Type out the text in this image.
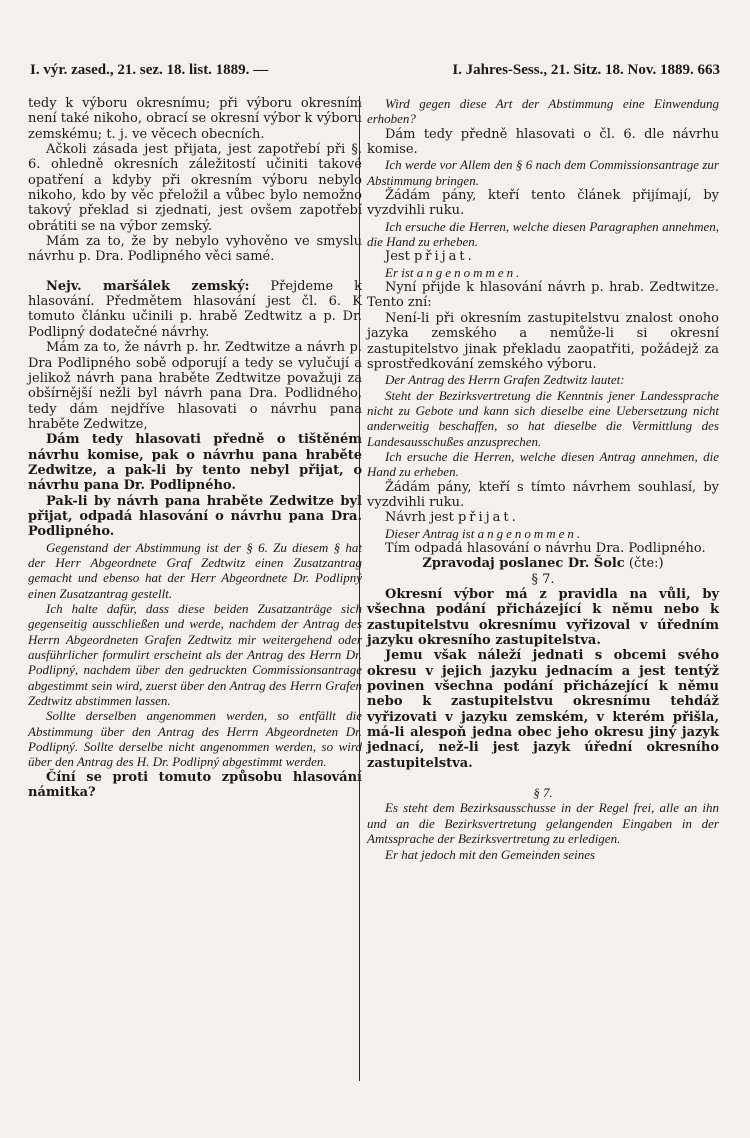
I. výr. zased., 21. sez. 18. list. 1889. —	I. Jahres-Sess., 21. Sitz. 18. Nov. 1889. 663

tedy k výboru okresnímu; při výboru okresním není také nikoho, obrací se okresní výbor k výboru zemskému; t. j. ve věcech obecních.

Ačkoli zásada jest přijata, jest zapotřebí při §. 6. ohledně okresních záležitostí učiniti takové opatření a kdyby při okresním výboru nebylo nikoho, kdo by věc přeložil a vůbec bylo nemožno takový překlad si zjednati, jest ovšem zapotřebí obrátiti se na výbor zemský.

Mám za to, že by nebylo vyhověno ve smyslu návrhu p. Dra. Podlipného věci samé.

Nejv. maršálek zemský: Přejdeme k hlasování. Předmětem hlasování jest čl. 6. K tomuto článku učinili p. hrabě Zedtwitz a p. Dr. Podlipný dodatečné návrhy.

Mám za to, že návrh p. hr. Zedtwitze a návrh p. Dra Podlipného sobě odporují a tedy se vylučují a jelikož návrh pana hraběte Zedtwitze považuji za obšírnější nežli byl návrh pana Dra. Podlidného, tedy dám nejdříve hlasovati o návrhu pana hraběte Zedwitze,

Dám tedy hlasovati předně o tištěném návrhu komise, pak o návrhu pana hraběte Zedwitze, a pak-li by tento nebyl přijat, o návrhu pana Dr. Podlipného.

Pak-li by návrh pana hraběte Zedwitze byl přijat, odpadá hlasování o návrhu pana Dra. Podlipného.

Gegenstand der Abstimmung ist der § 6. Zu diesem § hat der Herr Abgeordnete Graf Zedtwitz einen Zusatzantrag gemacht und ebenso hat der Herr Abgeordnete Dr. Podlipný einen Zusatzantrag gestellt.

Ich halte dafür, dass diese beiden Zusatzanträge sich gegenseitig ausschließen und werde, nachdem der Antrag des Herrn Abgeordneten Grafen Zedtwitz mir weitergehend oder ausführlicher formulirt erscheint als der Antrag des Herrn Dr. Podlipný, nachdem über den gedruckten Commissionsantrage abgestimmt sein wird, zuerst über den Antrag des Herrn Grafen Zedtwitz abstimmen lassen.

Sollte derselben angenommen werden, so entfällt die Abstimmung über den Antrag des Herrn Abgeordneten Dr. Podlipný. Sollte derselbe nicht angenommen werden, so wird über den Antrag des H. Dr. Podlipný abgestimmt werden.

Číní se proti tomuto způsobu hlasování námitka?

Wird gegen diese Art der Abstimmung eine Einwendung erhoben?

Dám tedy předně hlasovati o čl. 6. dle návrhu komise.

Ich werde vor Allem den § 6 nach dem Commissionsantrage zur Abstimmung bringen.

Žádám pány, kteří tento článek přijímají, by vyzdvihli ruku.

Ich ersuche die Herren, welche diesen Paragraphen annehmen, die Hand zu erheben.

Jest přijat.

Er ist angenommen.

Nyní přijde k hlasování návrh p. hrab. Zedtwitze. Tento zní:

Není-li při okresním zastupitelstvu znalost onoho jazyka zemského a nemůže-li si okresní zastupitelstvo jinak překladu zaopatřiti, požádejž za sprostředkování zemského výboru.

Der Antrag des Herrn Grafen Zedtwitz lautet:

Steht der Bezirksvertretung die Kenntnis jener Landessprache nicht zu Gebote und kann sich dieselbe eine Uebersetzung nicht anderweitig beschaffen, so hat dieselbe die Vermittlung des Landesausschußes anzusprechen.

Ich ersuche die Herren, welche diesen Antrag annehmen, die Hand zu erheben.

Žádám pány, kteří s tímto návrhem souhlasí, by vyzdvihli ruku.

Návrh jest přijat.

Dieser Antrag ist angenommen.

Tím odpadá hlasování o návrhu Dra. Podlipného.

Zpravodaj poslanec Dr. Šolc (čte:)

§ 7.

Okresní výbor má z pravidla na vůli, by všechna podání přicházející k němu nebo k zastupitelstvu okresnímu vyřizoval v úředním jazyku okresního zastupitelstva.

Jemu však náleží jednati s obcemi svého okresu v jejich jazyku jednacím a jest tentýž povinen všechna podání přicházející k němu nebo k zastupitelstvu okresnímu tehdáž vyřizovati v jazyku zemském, v kterém přišla, má-li alespoň jedna obec jeho okresu jiný jazyk jednací, než-li jest jazyk úřední okresního zastupitelstva.

§ 7.

Es steht dem Bezirksausschusse in der Regel frei, alle an ihn und an die Bezirksvertretung gelangenden Eingaben in der Amtssprache der Bezirksvertretung zu erledigen.

Er hat jedoch mit den Gemeinden seines
